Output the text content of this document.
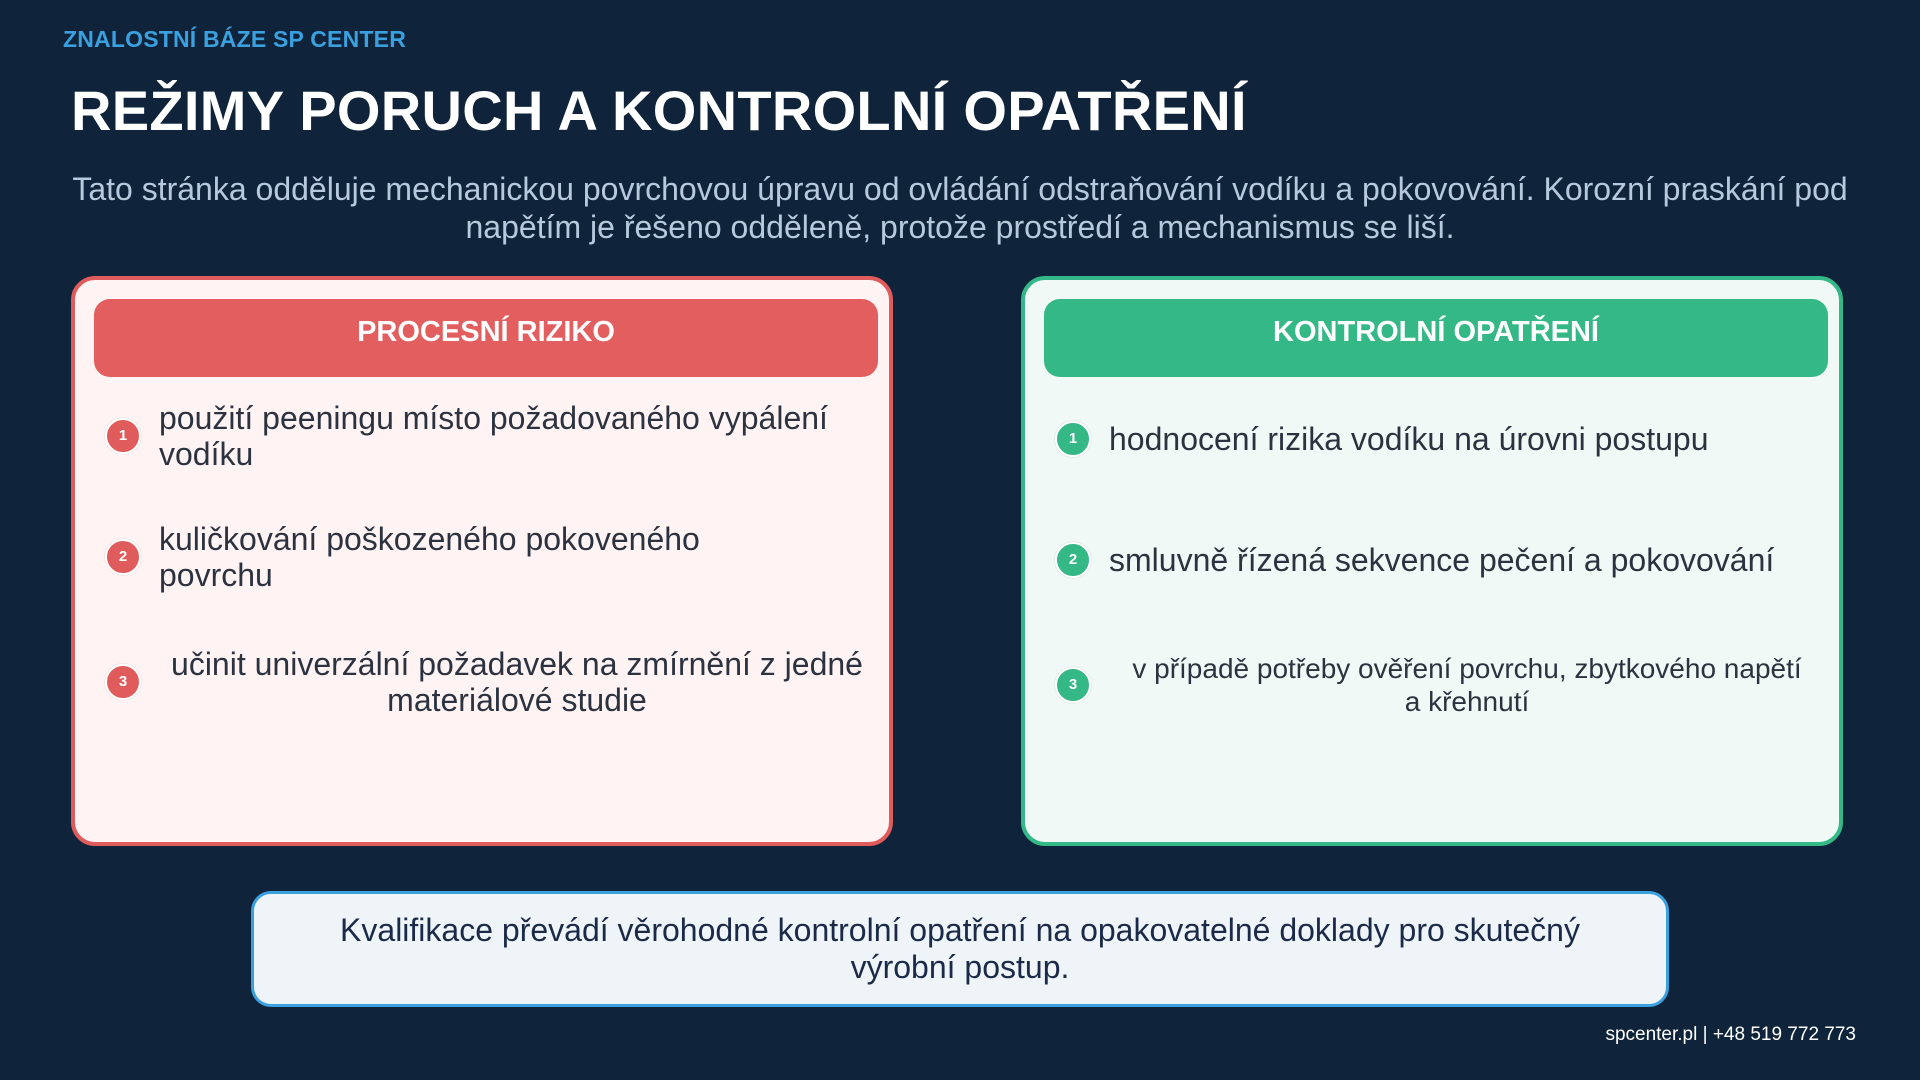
ZNALOSTNÍ BÁZE SP CENTER
REŽIMY PORUCH A KONTROLNÍ OPATŘENÍ
Tato stránka odděluje mechanickou povrchovou úpravu od ovládání odstraňování vodíku a pokovování. Korozní praskání pod
napětím je řešeno odděleně, protože prostředí a mechanismus se liší.
PROCESNÍ RIZIKO
1 použití peeningu místo požadovaného vypálení
vodíku
2 kuličkování poškozeného pokoveného
povrchu
3	učinit univerzální požadavek na zmírnění z jedné
materiálové studie
KONTROLNÍ OPATŘENÍ
1 hodnocení rizika vodíku na úrovni postupu
2 smluvně řízená sekvence pečení a pokovování
3
v případě potřeby ověření povrchu, zbytkového napětí
a křehnutí
Kvalifikace převádí věrohodné kontrolní opatření na opakovatelné doklady pro skutečný
výrobní postup.
spcenter.pl | +48 519 772 773
